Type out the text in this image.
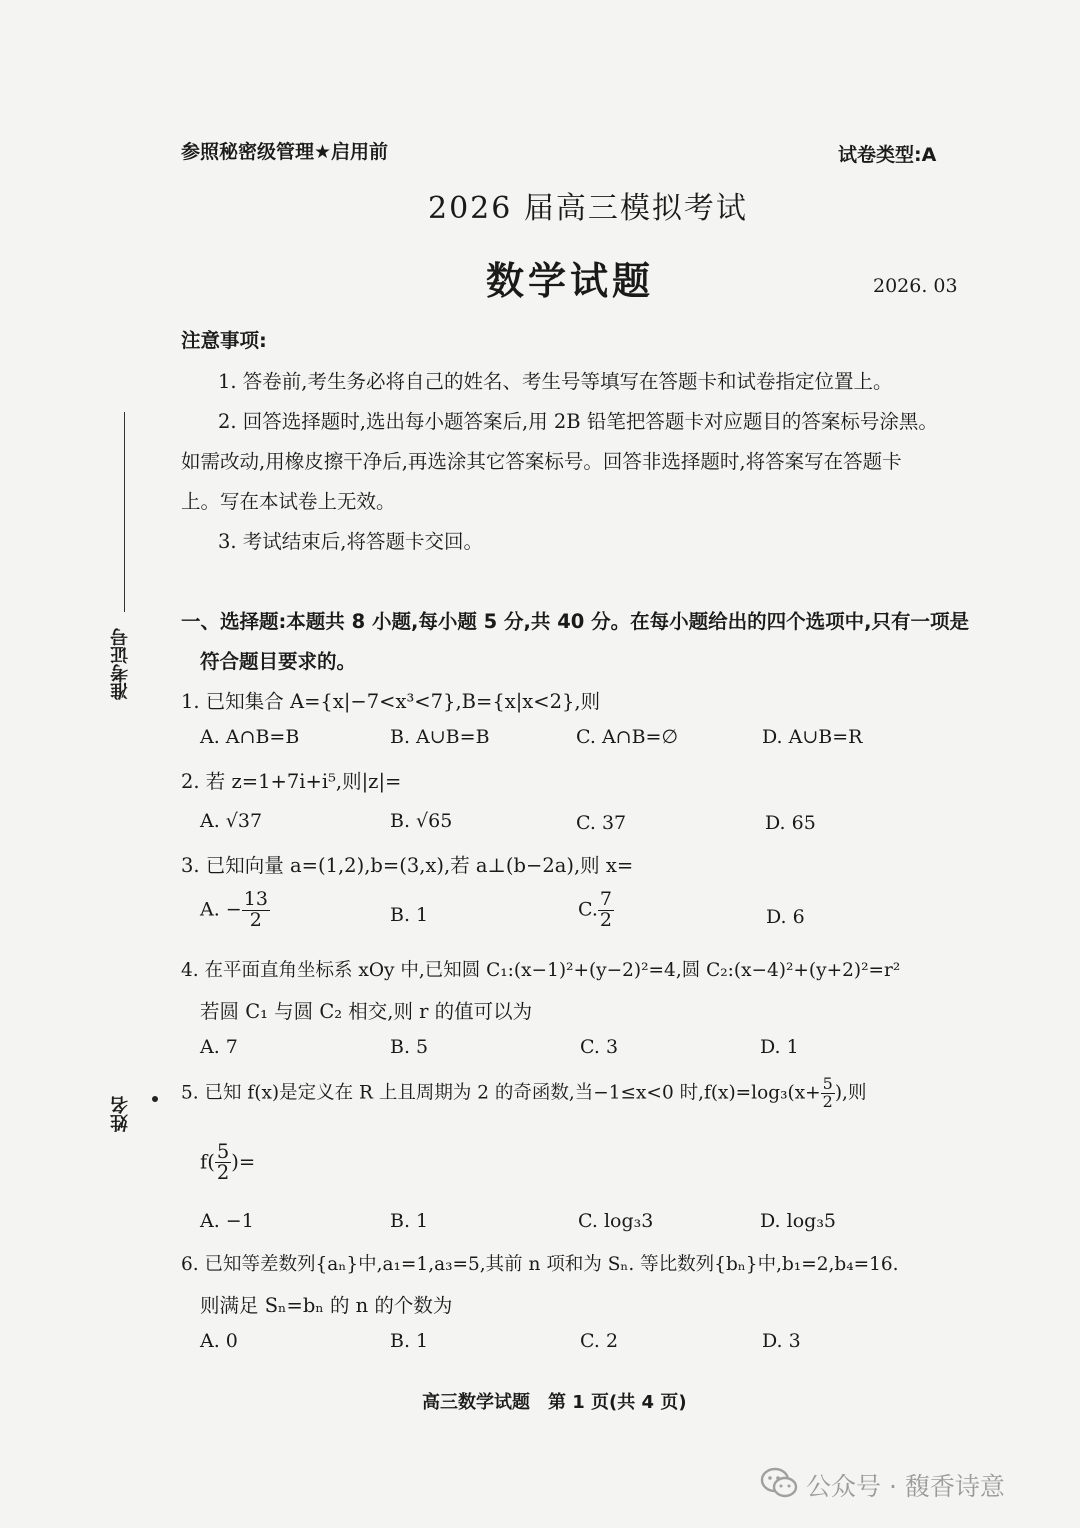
参照秘密级管理★启用前	试卷类型:A
2026 届高三模拟考试
数学试题	2026. 03
注意事项:
1. 答卷前,考生务必将自己的姓名、考生号等填写在答题卡和试卷指定位置上。
2. 回答选择题时,选出每小题答案后,用 2B 铅笔把答题卡对应题目的答案标号涂黑。
如需改动,用橡皮擦干净后,再选涂其它答案标号。回答非选择题时,将答案写在答题卡
上。写在本试卷上无效。
3. 考试结束后,将答题卡交回。
一、选择题:本题共 8 小题,每小题 5 分,共 40 分。在每小题给出的四个选项中,只有一项是
符合题目要求的。
准考证号
姓名
1. 已知集合 A={x|−7<x³<7},B={x|x<2},则
A. A∩B=B	B. A∪B=B	C. A∩B=∅	D. A∪B=R
2. 若 z=1+7i+i⁵,则|z|=
A. √37	B. √65	C. 37	D. 65
3. 已知向量 a=(1,2),b=(3,x),若 a⊥(b−2a),则 x=
A. − $\frac{13}{2}$	B. 1	C. $\frac{7}{2}$	D. 6
4. 在平面直角坐标系 xOy 中,已知圆 C₁:(x−1)²+(y−2)²=4,圆 C₂:(x−4)²+(y+2)²=r²
若圆 C₁ 与圆 C₂ 相交,则 r 的值可以为
A. 7	B. 5	C. 3	D. 1
5. 已知 f(x)是定义在 R 上且周期为 2 的奇函数,当−1≤x<0 时$,f(x)=\log_3(x+ \frac{5}{2}$ ),则
$f( \frac{5}{2}$ )=
A. −1	B. 1	C. log₃3	D. log₃5
6. 已知等差数列{aₙ}中,a₁=1,a₃=5,其前 n 项和为 Sₙ. 等比数列{bₙ}中,b₁=2,b₄=16.
则满足 Sₙ=bₙ 的 n 的个数为
A. 0	B. 1	C. 2	D. 3
高三数学试题　第 1 页(共 4 页)
公众号 · 馥香诗意
